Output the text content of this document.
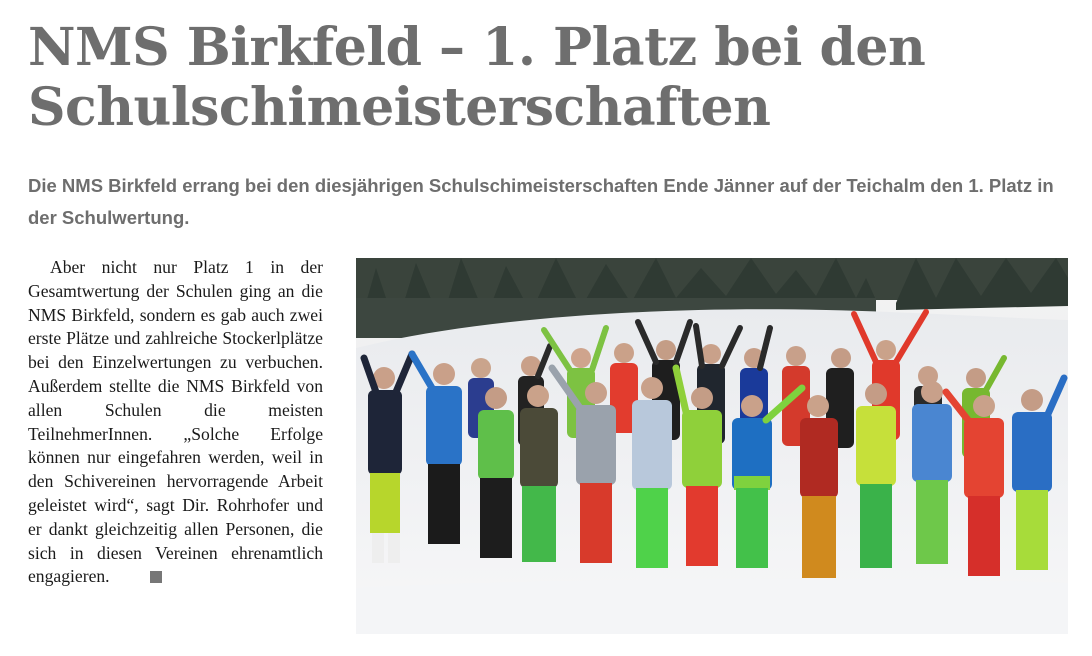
NMS Birkfeld – 1. Platz bei den
Schulschimeisterschaften

Die NMS Birkfeld errang bei den diesjährigen Schulschimeisterschaften Ende Jänner auf der Teichalm den 1. Platz in der Schulwertung.

Aber nicht nur Platz 1 in der Gesamtwertung der Schulen ging an die NMS Birkfeld, sondern es gab auch zwei erste Plätze und zahlreiche Stockerlplätze bei den Einzelwertungen zu verbuchen. Außerdem stellte die NMS Birkfeld von allen Schulen die meisten TeilnehmerInnen. „Solche Erfolge können nur eingefahren werden, weil in den Schivereinen hervorragende Arbeit geleistet wird“, sagt Dir. Rohrhofer und er dankt gleichzeitig allen Personen, die sich in diesen Vereinen ehrenamtlich engagieren.
